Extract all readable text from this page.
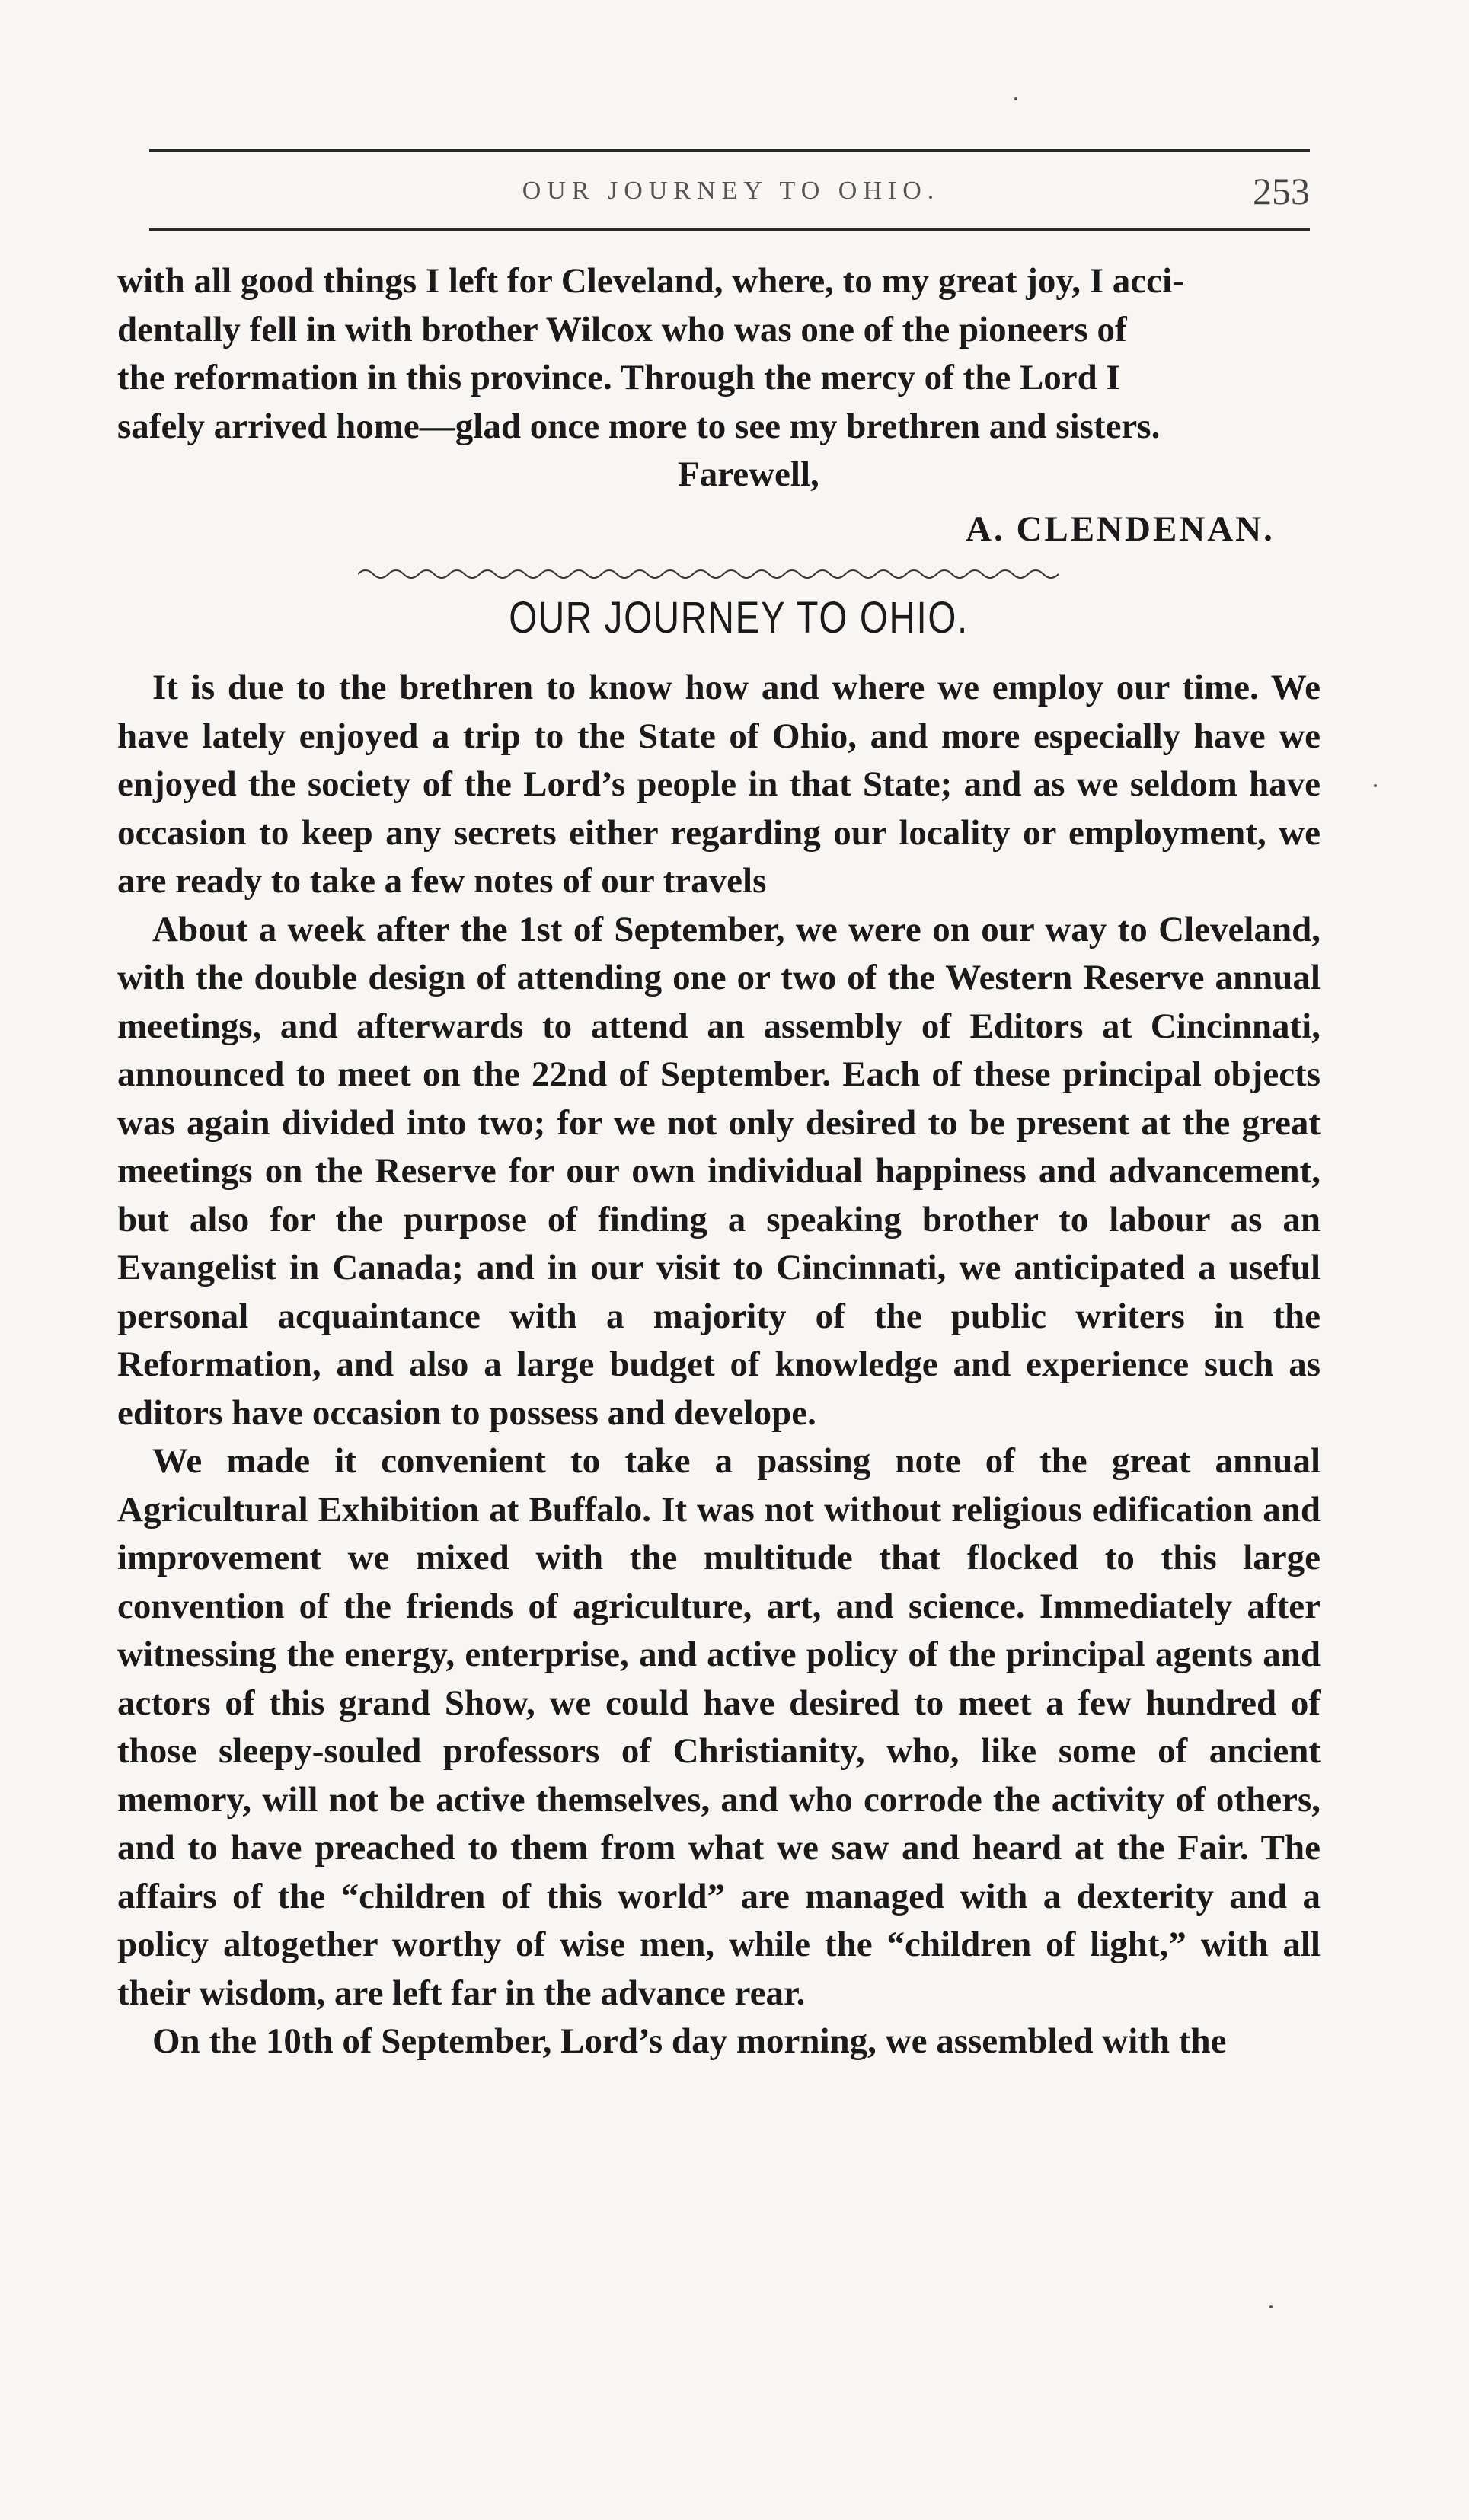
OUR JOURNEY TO OHIO.	253

with all good things I left for Cleveland, where, to my great joy, I acci-

dentally fell in with brother Wilcox who was one of the pioneers of

the reformation in this province. Through the mercy of the Lord I

safely arrived home—glad once more to see my brethren and sisters.

Farewell,
A. CLENDENAN.
OUR JOURNEY TO OHIO.

It is due to the brethren to know how and where we employ our time. We have lately enjoyed a trip to the State of Ohio, and more especially have we enjoyed the society of the Lord’s people in that State; and as we seldom have occasion to keep any secrets either regarding our locality or employment, we are ready to take a few notes of our travels

About a week after the 1st of September, we were on our way to Cleveland, with the double design of attending one or two of the Western Reserve annual meetings, and afterwards to attend an assembly of Editors at Cincinnati, announced to meet on the 22nd of September. Each of these principal objects was again divided into two; for we not only desired to be present at the great meetings on the Reserve for our own individual happiness and advancement, but also for the purpose of finding a speaking brother to labour as an Evangelist in Canada; and in our visit to Cincinnati, we anticipated a useful personal acquaintance with a majority of the public writers in the Reformation, and also a large budget of knowledge and experience such as editors have occasion to possess and develope.

We made it convenient to take a passing note of the great annual Agricultural Exhibition at Buffalo. It was not without religious edification and improvement we mixed with the multitude that flocked to this large convention of the friends of agriculture, art, and science. Immediately after witnessing the energy, enterprise, and active policy of the principal agents and actors of this grand Show, we could have desired to meet a few hundred of those sleepy-souled professors of Christianity, who, like some of ancient memory, will not be active themselves, and who corrode the activity of others, and to have preached to them from what we saw and heard at the Fair. The affairs of the “children of this world” are managed with a dexterity and a policy altogether worthy of wise men, while the “children of light,” with all their wisdom, are left far in the advance rear.

On the 10th of September, Lord’s day morning, we assembled with the
